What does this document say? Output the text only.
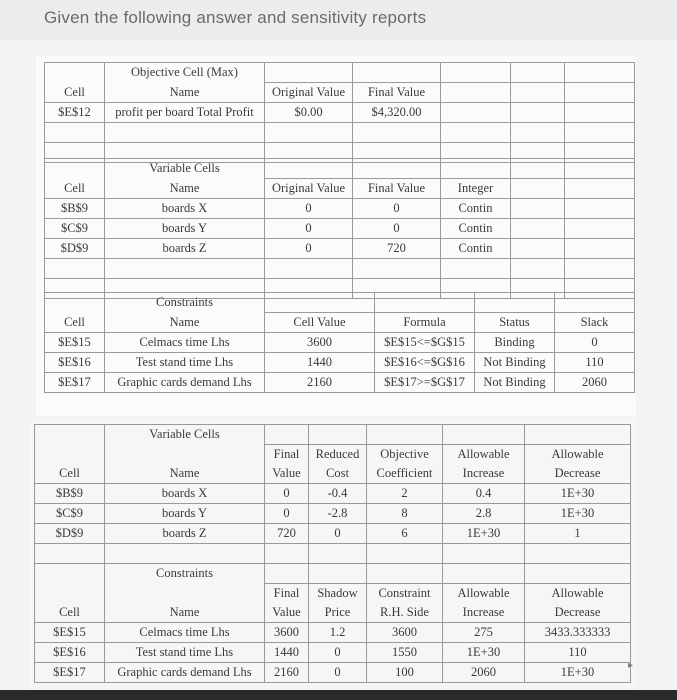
Given the following answer and sensitivity reports
	Objective Cell (Max)					
Cell	Name	Original Value	Final Value			
$E$12	profit per board Total Profit	$0.00	$4,320.00			

	Variable Cells					
Cell	Name	Original Value	Final Value	Integer		
$B$9	boards X	0	0	Contin		
$C$9	boards Y	0	0	Contin		
$D$9	boards Z	0	720	Contin		

	Constraints				
Cell	Name	Cell Value	Formula	Status	Slack
$E$15	Celmacs time Lhs	3600	$E$15<=$G$15	Binding	0
$E$16	Test stand time Lhs	1440	$E$16<=$G$16	Not Binding	110
$E$17	Graphic cards demand Lhs	2160	$E$17>=$G$17	Not Binding	2060
	Variable Cells					
		Final	Reduced	Objective	Allowable	Allowable
Cell	Name	Value	Cost	Coefficient	Increase	Decrease
$B$9	boards X	0	-0.4	2	0.4	1E+30
$C$9	boards Y	0	-2.8	8	2.8	1E+30
$D$9	boards Z	720	0	6	1E+30	1

	Constraints					
		Final	Shadow	Constraint	Allowable	Allowable
Cell	Name	Value	Price	R.H. Side	Increase	Decrease
$E$15	Celmacs time Lhs	3600	1.2	3600	275	3433.333333
$E$16	Test stand time Lhs	1440	0	1550	1E+30	110
$E$17	Graphic cards demand Lhs	2160	0	100	2060	1E+30	▸
